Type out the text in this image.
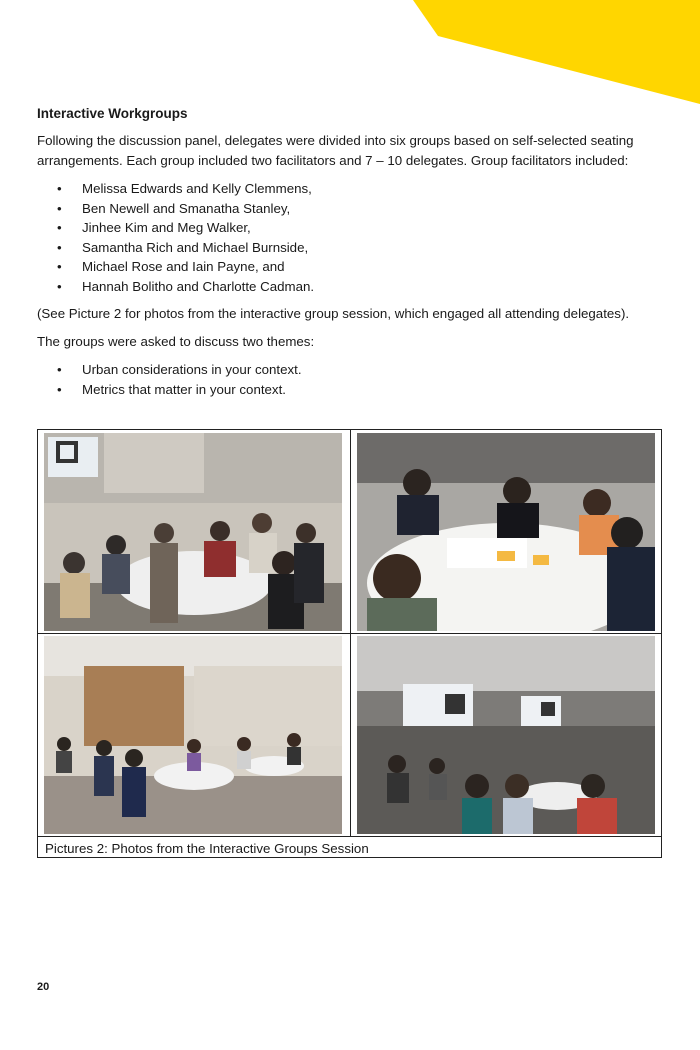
Interactive Workgroups

Following the discussion panel, delegates were divided into six groups based on self-selected seating arrangements. Each group included two facilitators and 7 – 10 delegates. Group facilitators included:

• Melissa Edwards and Kelly Clemmens,
• Ben Newell and Smanatha Stanley,
• Jinhee Kim and Meg Walker,
• Samantha Rich and Michael Burnside,
• Michael Rose and Iain Payne, and
• Hannah Bolitho and Charlotte Cadman.

(See Picture 2 for photos from the interactive group session, which engaged all attending delegates).

The groups were asked to discuss two themes:

• Urban considerations in your context.
• Metrics that matter in your context.
Pictures 2: Photos from the Interactive Groups Session
20
